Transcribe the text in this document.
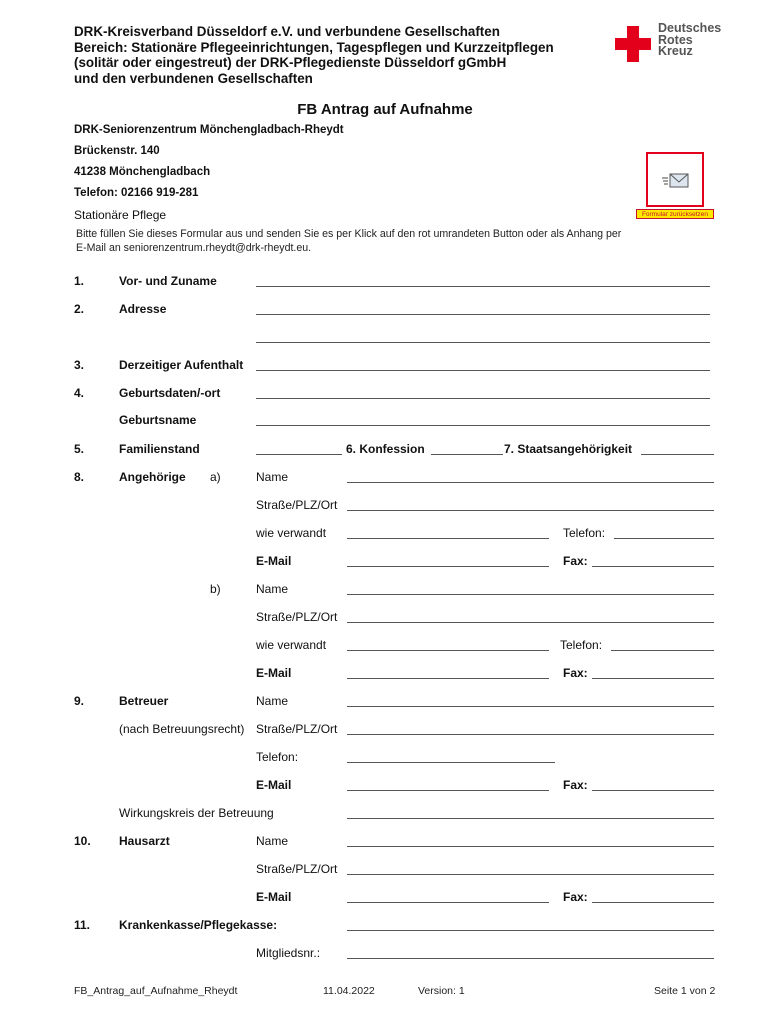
DRK-Kreisverband Düsseldorf e.V. und verbundene Gesellschaften
Bereich: Stationäre Pflegeeinrichtungen, Tagespflegen und Kurzzeitpflegen
(solitär oder eingestreut) der DRK-Pflegedienste Düsseldorf gGmbH
und den verbundenen Gesellschaften
Deutsches
Rotes
Kreuz
FB Antrag auf Aufnahme
DRK-Seniorenzentrum Mönchengladbach-Rheydt
Brückenstr. 140
41238 Mönchengladbach
Telefon: 02166 919-281
Stationäre Pflege	Formular zurücksetzen
Bitte füllen Sie dieses Formular aus und senden Sie es per Klick auf den rot umrandeten Button oder als Anhang per
E-Mail an seniorenzentrum.rheydt@drk-rheydt.eu.
1.	Vor- und Zuname
2.	Adresse
3.	Derzeitiger Aufenthalt
4.	Geburtsdaten/-ort
Geburtsname
5.	Familienstand	6. Konfession	7. Staatsangehörigkeit
8.	Angehörige a)	Name
Straße/PLZ/Ort
wie verwandt	Telefon:
E-Mail	Fax:
b)	Name
Straße/PLZ/Ort
wie verwandt	Telefon:
E-Mail	Fax:
9.	Betreuer	Name
(nach Betreuungsrecht) Straße/PLZ/Ort
Telefon:
E-Mail	Fax:
Wirkungskreis der Betreuung
10. Hausarzt	Name
Straße/PLZ/Ort
E-Mail	Fax:
11. Krankenkasse/Pflegekasse:
Mitgliedsnr.:
FB_Antrag_auf_Aufnahme_Rheydt	11.04.2022	Version: 1	Seite 1 von 2
